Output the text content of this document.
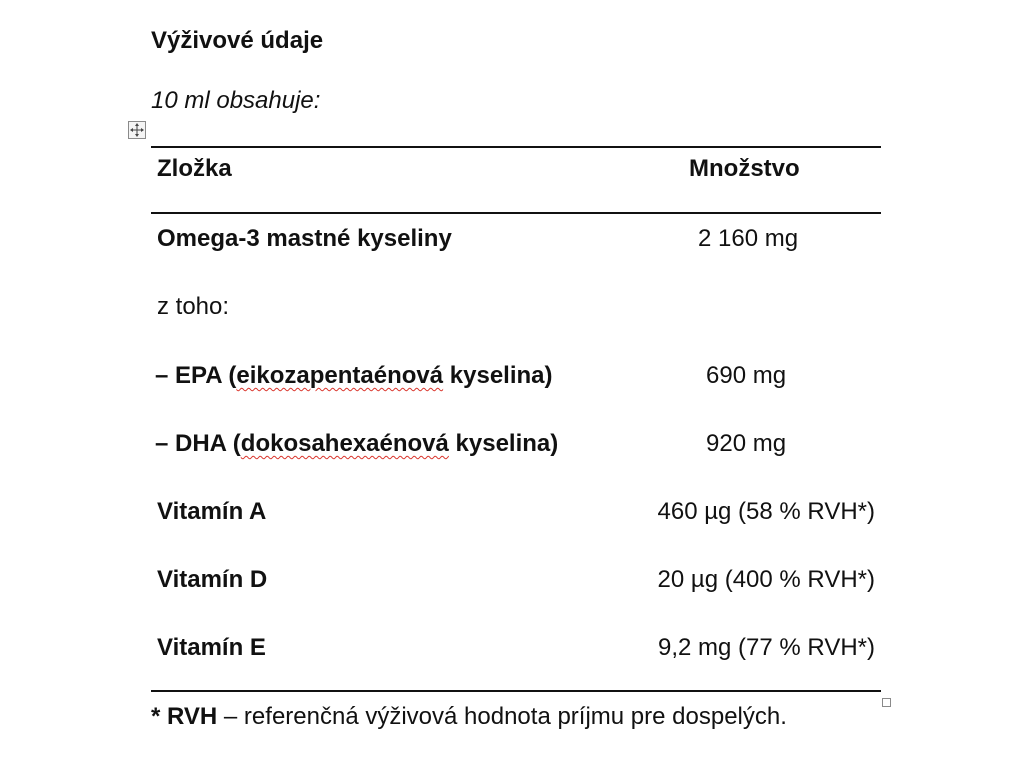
Výživové údaje
10 ml obsahuje:
Zložka	Množstvo
Omega-3 mastné kyseliny	2 160 mg
z toho:
– EPA (eikozapentaénová kyselina)	690 mg
– DHA (dokosahexaénová kyselina)	920 mg
Vitamín A	460 µg (58 % RVH*)
Vitamín D	20 µg (400 % RVH*)
Vitamín E	9,2 mg (77 % RVH*)
* RVH – referenčná výživová hodnota príjmu pre dospelých.
